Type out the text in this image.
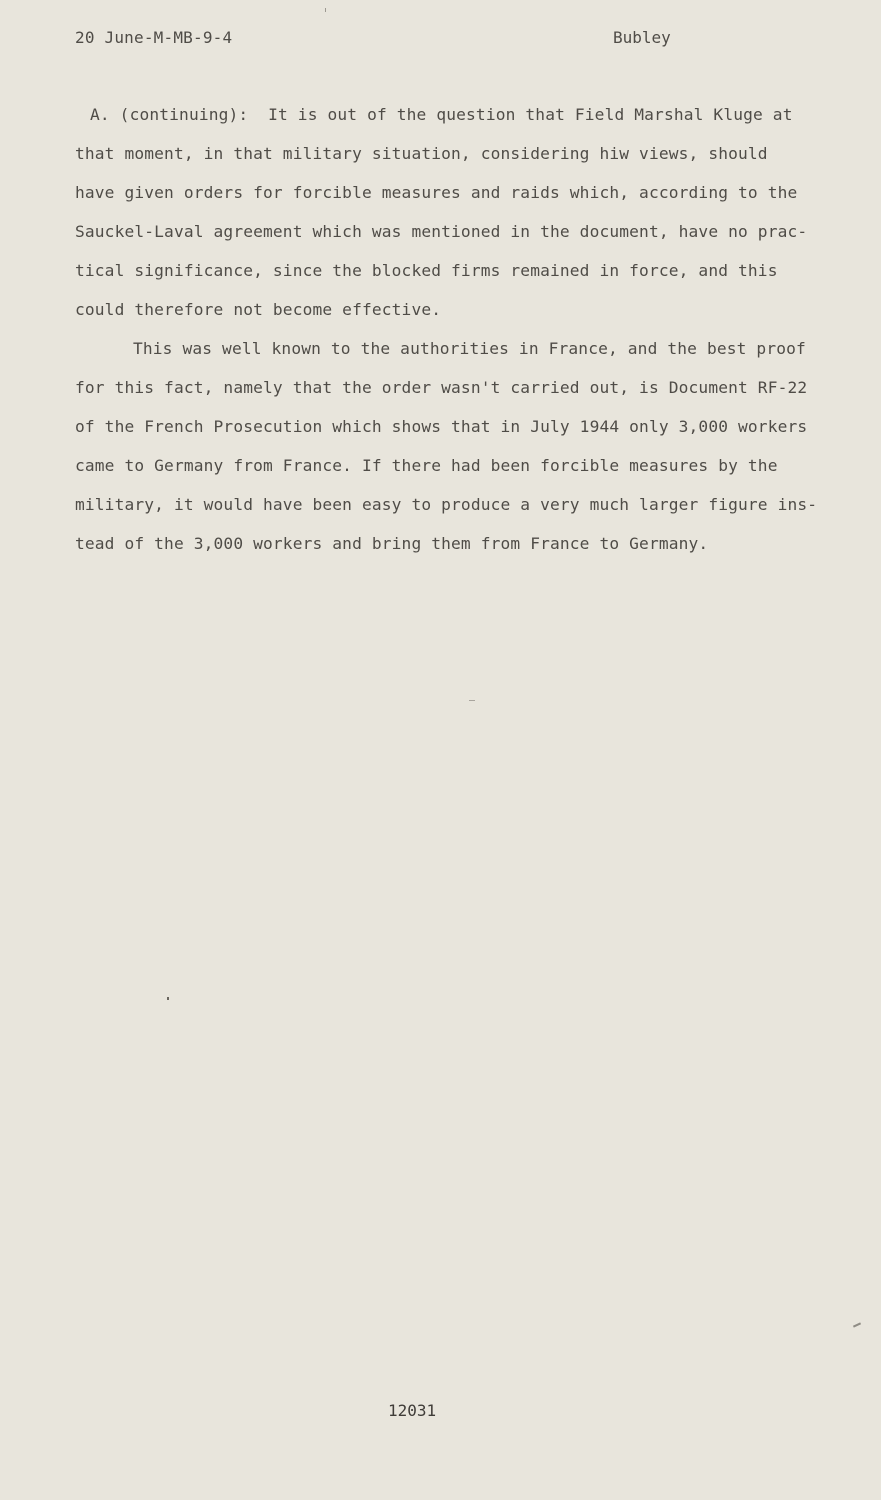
20 June-M-MB-9-4	Bubley
A. (continuing):  It is out of the question that Field Marshal Kluge at
that moment, in that military situation, considering hiw views, should
have given orders for forcible measures and raids which, according to the
Sauckel-Laval agreement which was mentioned in the document, have no prac-
tical significance, since the blocked firms remained in force, and this
could therefore not become effective.
This was well known to the authorities in France, and the best proof
for this fact, namely that the order wasn't carried out, is Document RF-22
of the French Prosecution which shows that in July 1944 only 3,000 workers
came to Germany from France. If there had been forcible measures by the
military, it would have been easy to produce a very much larger figure ins-
tead of the 3,000 workers and bring them from France to Germany.
12031
